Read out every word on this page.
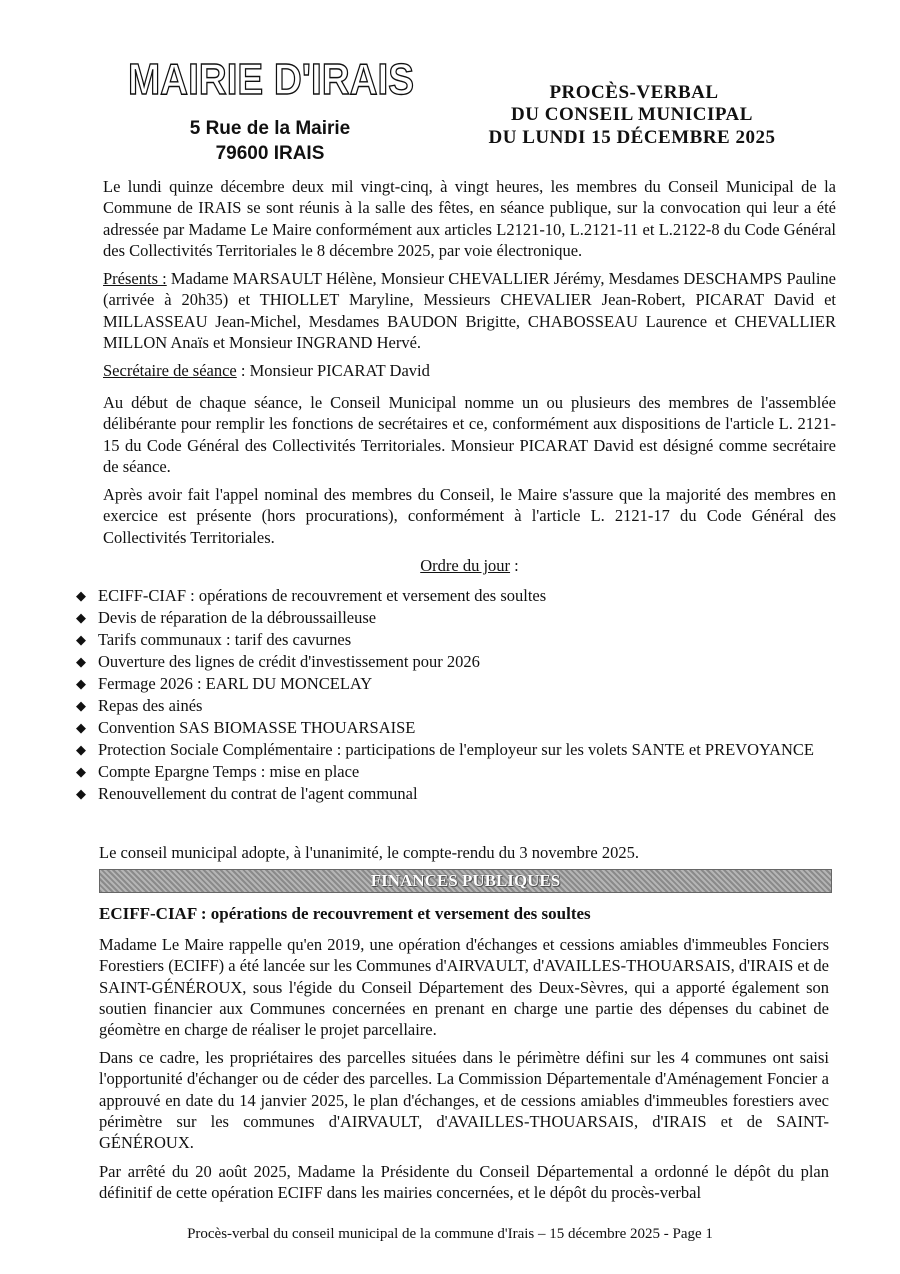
MAIRIE D'IRAIS
5 Rue de la Mairie
79600 IRAIS
PROCÈS-VERBAL
DU CONSEIL MUNICIPAL
DU LUNDI 15 DÉCEMBRE 2025

Le lundi quinze décembre deux mil vingt-cinq, à vingt heures, les membres du Conseil Municipal de la Commune de IRAIS se sont réunis à la salle des fêtes, en séance publique, sur la convocation qui leur a été adressée par Madame Le Maire conformément aux articles L2121-10, L.2121-11 et L.2122-8 du Code Général des Collectivités Territoriales le 8 décembre 2025, par voie électronique.

Présents : Madame MARSAULT Hélène, Monsieur CHEVALLIER Jérémy, Mesdames DESCHAMPS Pauline (arrivée à 20h35) et THIOLLET Maryline, Messieurs CHEVALIER Jean-Robert, PICARAT David et MILLASSEAU Jean-Michel, Mesdames BAUDON Brigitte, CHABOSSEAU Laurence et CHEVALLIER MILLON Anaïs et Monsieur INGRAND Hervé.

Secrétaire de séance : Monsieur PICARAT David

Au début de chaque séance, le Conseil Municipal nomme un ou plusieurs des membres de l'assemblée délibérante pour remplir les fonctions de secrétaires et ce, conformément aux dispositions de l'article L. 2121-15 du Code Général des Collectivités Territoriales. Monsieur PICARAT David est désigné comme secrétaire de séance.

Après avoir fait l'appel nominal des membres du Conseil, le Maire s'assure que la majorité des membres en exercice est présente (hors procurations), conformément à l'article L. 2121-17 du Code Général des Collectivités Territoriales.

Ordre du jour :
◆ ECIFF-CIAF : opérations de recouvrement et versement des soultes
◆ Devis de réparation de la débroussailleuse
◆ Tarifs communaux : tarif des cavurnes
◆ Ouverture des lignes de crédit d'investissement pour 2026
◆ Fermage 2026 : EARL DU MONCELAY
◆ Repas des ainés
◆ Convention SAS BIOMASSE THOUARSAISE
◆ Protection Sociale Complémentaire : participations de l'employeur sur les volets SANTE et PREVOYANCE
◆ Compte Epargne Temps : mise en place
◆ Renouvellement du contrat de l'agent communal

Le conseil municipal adopte, à l'unanimité, le compte-rendu du 3 novembre 2025.

FINANCES PUBLIQUES
ECIFF-CIAF : opérations de recouvrement et versement des soultes

Madame Le Maire rappelle qu'en 2019, une opération d'échanges et cessions amiables d'immeubles Fonciers Forestiers (ECIFF) a été lancée sur les Communes d'AIRVAULT, d'AVAILLES-THOUARSAIS, d'IRAIS et de SAINT-GÉNÉROUX, sous l'égide du Conseil Département des Deux-Sèvres, qui a apporté également son soutien financier aux Communes concernées en prenant en charge une partie des dépenses du cabinet de géomètre en charge de réaliser le projet parcellaire.

Dans ce cadre, les propriétaires des parcelles situées dans le périmètre défini sur les 4 communes ont saisi l'opportunité d'échanger ou de céder des parcelles. La Commission Départementale d'Aménagement Foncier a approuvé en date du 14 janvier 2025, le plan d'échanges, et de cessions amiables d'immeubles forestiers avec périmètre sur les communes d'AIRVAULT, d'AVAILLES-THOUARSAIS, d'IRAIS et de SAINT-GÉNÉROUX.

Par arrêté du 20 août 2025, Madame la Présidente du Conseil Départemental a ordonné le dépôt du plan définitif de cette opération ECIFF dans les mairies concernées, et le dépôt du procès-verbal

Procès-verbal du conseil municipal de la commune d'Irais – 15 décembre 2025 - Page 1
